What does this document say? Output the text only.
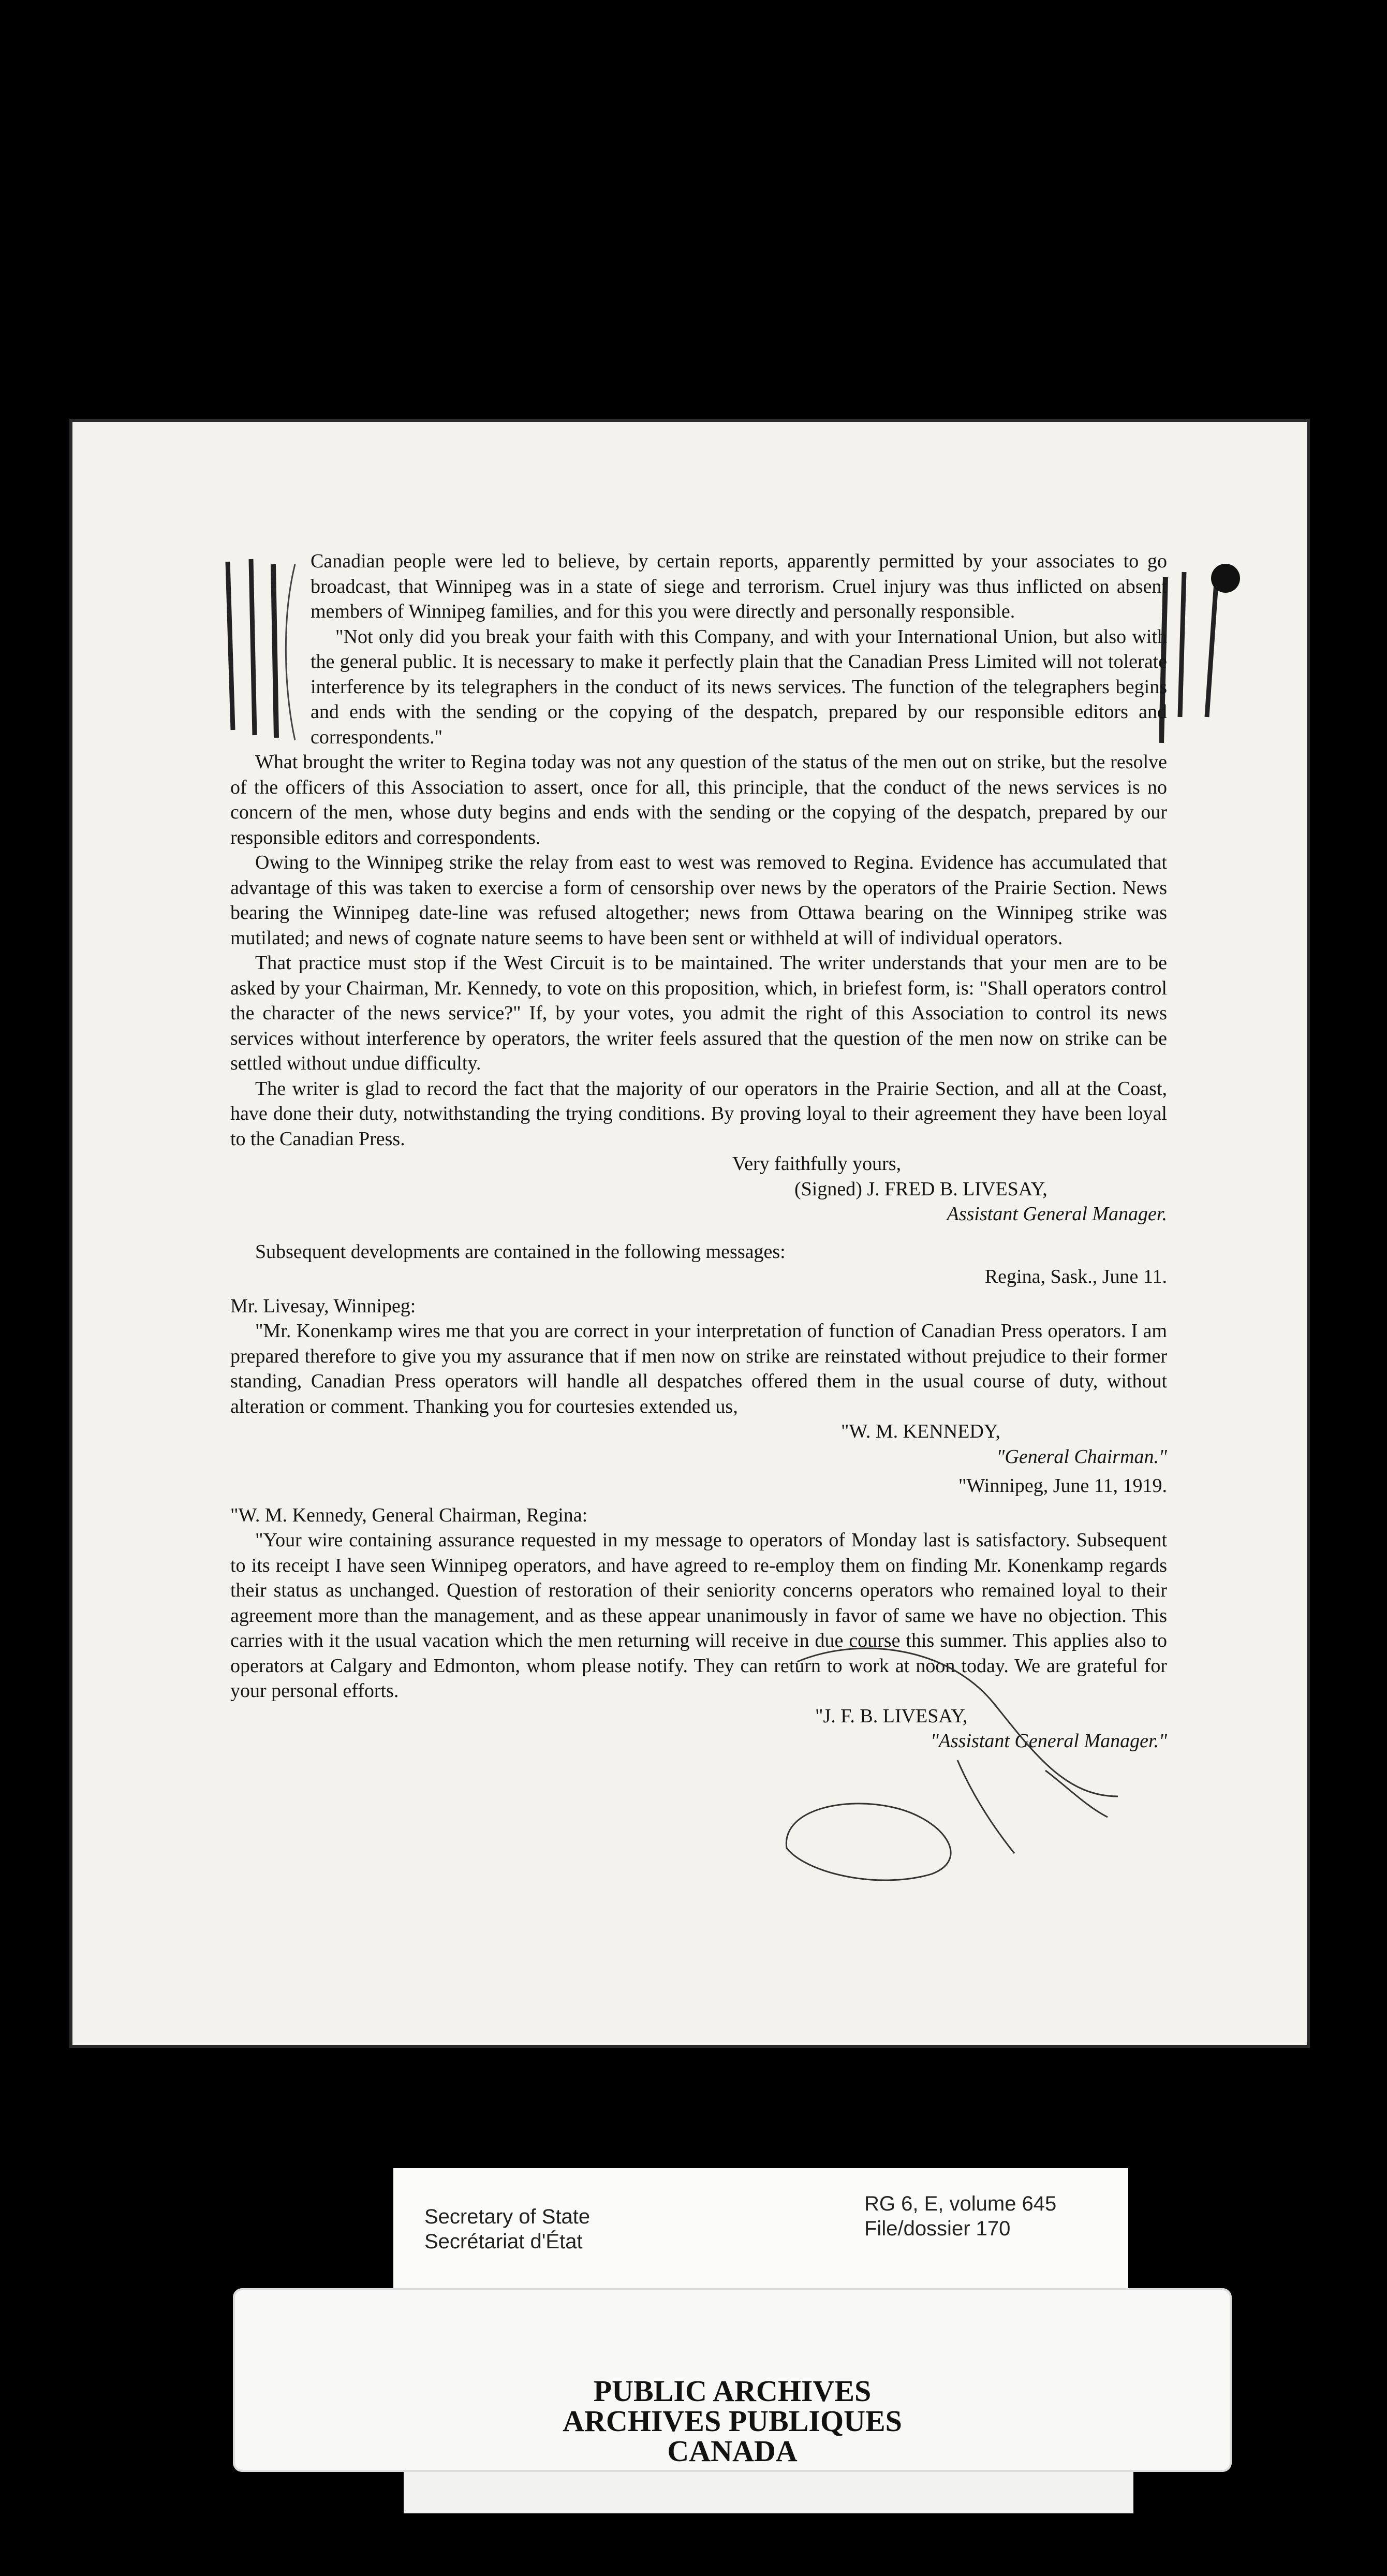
Canadian people were led to believe, by certain reports, apparently permitted by your associates to go broadcast, that Winnipeg was in a state of siege and terrorism. Cruel injury was thus inflicted on absent members of Winnipeg families, and for this you were directly and personally responsible.

"Not only did you break your faith with this Company, and with your International Union, but also with the general public. It is necessary to make it perfectly plain that the Canadian Press Limited will not tolerate interference by its telegraphers in the conduct of its news services. The function of the telegraphers begins and ends with the sending or the copying of the despatch, prepared by our responsible editors and correspondents."

What brought the writer to Regina today was not any question of the status of the men out on strike, but the resolve of the officers of this Association to assert, once for all, this principle, that the conduct of the news services is no concern of the men, whose duty begins and ends with the sending or the copying of the despatch, prepared by our responsible editors and correspondents.

Owing to the Winnipeg strike the relay from east to west was removed to Regina. Evidence has accumulated that advantage of this was taken to exercise a form of censorship over news by the operators of the Prairie Section. News bearing the Winnipeg date-line was refused altogether; news from Ottawa bearing on the Winnipeg strike was mutilated; and news of cognate nature seems to have been sent or withheld at will of individual operators.

That practice must stop if the West Circuit is to be maintained. The writer understands that your men are to be asked by your Chairman, Mr. Kennedy, to vote on this proposition, which, in briefest form, is: "Shall operators control the character of the news service?" If, by your votes, you admit the right of this Association to control its news services without interference by operators, the writer feels assured that the question of the men now on strike can be settled without undue difficulty.

The writer is glad to record the fact that the majority of our operators in the Prairie Section, and all at the Coast, have done their duty, notwithstanding the trying conditions. By proving loyal to their agreement they have been loyal to the Canadian Press.

Very faithfully yours,

(Signed) J. FRED B. LIVESAY,

Assistant General Manager.

Subsequent developments are contained in the following messages:

Regina, Sask., June 11.

Mr. Livesay, Winnipeg:

"Mr. Konenkamp wires me that you are correct in your interpretation of function of Canadian Press operators. I am prepared therefore to give you my assurance that if men now on strike are reinstated without prejudice to their former standing, Canadian Press operators will handle all despatches offered them in the usual course of duty, without alteration or comment. Thanking you for courtesies extended us,

"W. M. KENNEDY,

"General Chairman."

"Winnipeg, June 11, 1919.

"W. M. Kennedy, General Chairman, Regina:

"Your wire containing assurance requested in my message to operators of Monday last is satisfactory. Subsequent to its receipt I have seen Winnipeg operators, and have agreed to re-employ them on finding Mr. Konenkamp regards their status as unchanged. Question of restoration of their seniority concerns operators who remained loyal to their agreement more than the management, and as these appear unanimously in favor of same we have no objection. This carries with it the usual vacation which the men returning will receive in due course this summer. This applies also to operators at Calgary and Edmonton, whom please notify. They can return to work at noon today. We are grateful for your personal efforts.

"J. F. B. LIVESAY,

"Assistant General Manager."

Secretary of State
Secrétariat d'État
RG 6, E, volume 645
File/dossier 170
PUBLIC ARCHIVES
ARCHIVES PUBLIQUES
CANADA
